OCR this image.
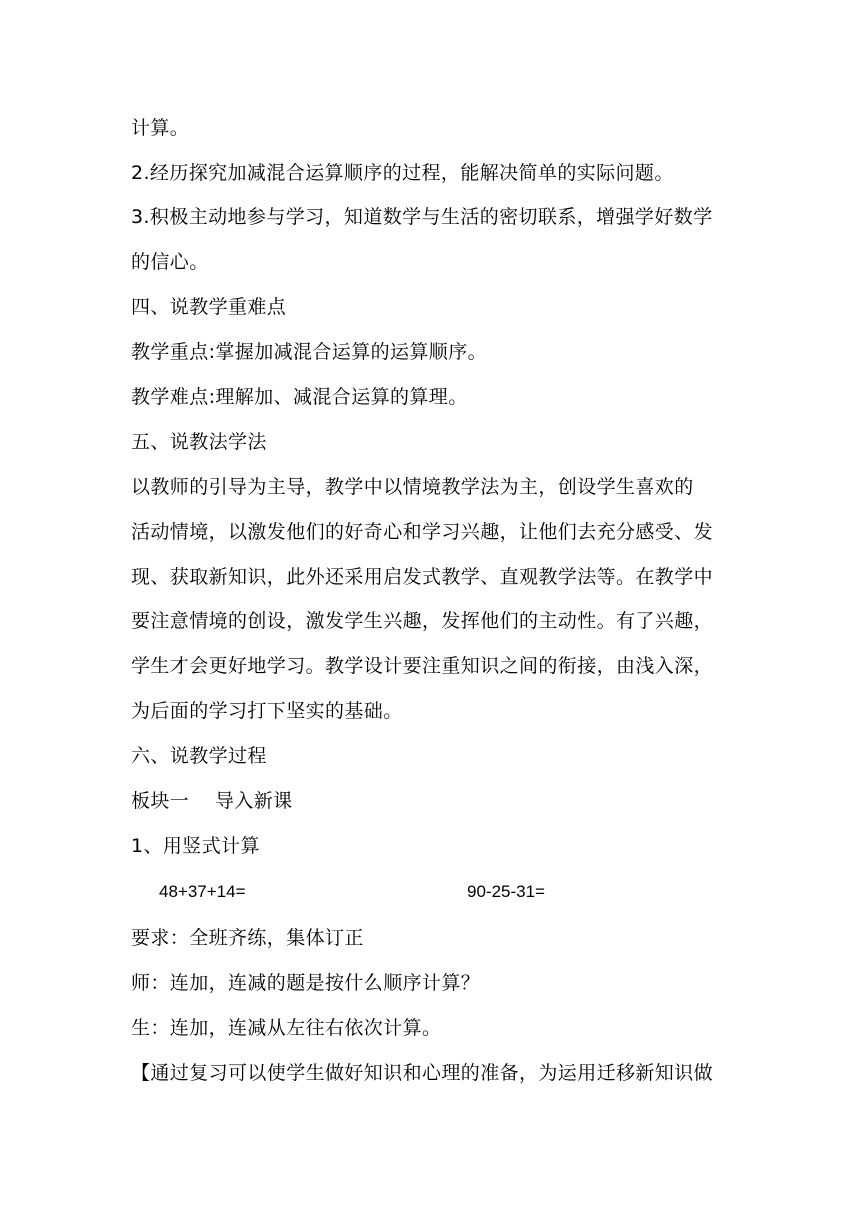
计算。
2.经历探究加减混合运算顺序的过程，能解决简单的实际问题。
3.积极主动地参与学习，知道数学与生活的密切联系，增强学好数学
的信心。
四、说教学重难点
教学重点:掌握加减混合运算的运算顺序。
教学难点:理解加、减混合运算的算理。
五、说教法学法
以教师的引导为主导，教学中以情境教学法为主，创设学生喜欢的
活动情境，以激发他们的好奇心和学习兴趣，让他们去充分感受、发
现、获取新知识，此外还采用启发式教学、直观教学法等。在教学中
要注意情境的创设，激发学生兴趣，发挥他们的主动性。有了兴趣，
学生才会更好地学习。教学设计要注重知识之间的衔接，由浅入深，
为后面的学习打下坚实的基础。
六、说教学过程
板块一    导入新课
1、用竖式计算
48+37+14=	90-25-31=
要求：全班齐练，集体订正
师：连加，连减的题是按什么顺序计算？
生：连加，连减从左往右依次计算。
【通过复习可以使学生做好知识和心理的准备，为运用迁移新知识做
